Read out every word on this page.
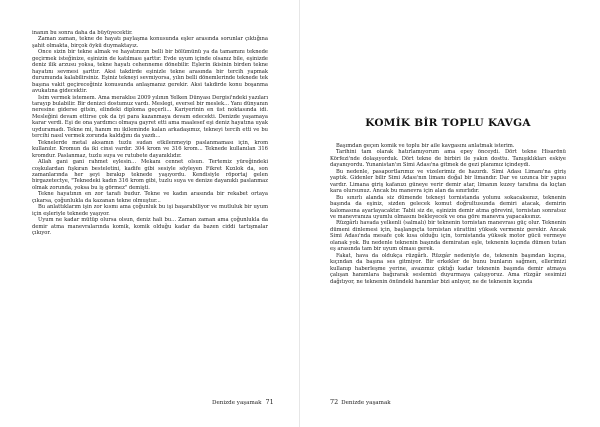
inanın bu sonra daha da büyüyecektir.

Zaman zaman, tekne de hayatı paylaşma konusunda eşler arasında sorunlar çıktığına şahit olmakta, birçok öykü duymaktayız.

Once sizin bir tekne almak ve hayatınızın belli bir bölümünü ya da tamamını teknede geçirmek isteğinize, eşinizin de katılması şarttır. Evde uyum içinde olsanız bile, eşinizde deniz ilik arzusu yoksa, tekne hayatı cehenneme dönebilir. Eşlerin ikisinin birden tekne hayatını sevmesi şarttır. Aksi takdirde eşinizle tekne arasında bir tercih yapmak durumunda kalabilirsiniz. Eşiniz tekneyi sevmiyorsa, yılın belli dönemlerinde teknede tek başına vakit geçireceğiniz konusunda anlaşmanız gerekir. Aksi takdirde konu boşanma avukatına gidecektir.

Isim vermek istemem. Ama meraklısı 2009 yılının Yelken Dünyası Dergisi'ndeki yazıları tarayıp bulabilir. Bir denizci dostumuz vardı. Meslegi, eversel bir meslek... Yanı dünyanın neresine giderse gitsin, elindeki diploma geçerli... Kariyerinin en üst noktasında idi. Mesleğini devam ettirse çok da iyi para kazanmaya devam edecekti. Denizde yaşamaya karar verdi. Eşi de ona yardımcı olmaya gayret etti ama maalesef eşi deniz hayatına uyak uyduramadı. Tekne mi, hanım mı ikileminde kalan arkadaşımız, tekneyi tercih etti ve bu tercihi nasıl vermek zorunda kaldığını da yazdı...

Teknelerde metal aksamın tuzlu sudan etkilenmeyip paslanmaması için, krom kullanılır. Kromun da iki cinsi vardır. 304 krom ve 316 krom... Teknede kullanılan 316 kromdur. Paslanmaz, tuzlu suya ve rutubete dayanıklıdır.

Allah gani gani rahmet eylesin... Mekanı cennet olsun. Tertemiz yüreğindeki coşkulardan fışkıran besteletini, kadife gibi sesiyle söyleyen Fikret Kızılok da, son zamanlarında her şeyi bırakıp teknede yaşıyordu. Kendisiyle röportaj gelen birgazetectye, "Teknedeki kadın 316 krom gibi, tuzlu suya ve denize dayanıklı paslanmaz olmak zorunda, yoksa bu iş görmez" demişti.

Tekne hayatının en zor tarafı budur. Tekne ve kadın arasında bir rekabet ortaya çıkarsa, çoğunlukla da kazanan tekne olmuştur...

Bu anlattıklarım işin zor kısmı ama çoğunluk bu işi başarabiliyor ve mutluluk bir uyum için eşleriyle teknede yaşıyor.

Uyum ne kadar mütüp olursa olsun, deniz hali bu... Zaman zaman ama çoğunlukla da demir atma manevralarında komik, komik olduğu kadar da bazen ciddi tartışmalar çıkıyor.

Denizde yaşamak 71
KOMİK BİR TOPLU KAVGA

Başımdan geçen komik ve toplu bir aile kavgasını anlatmak isterim.

Tarihini tam olarak hatırlamıyorum ama epey önceydi. Dört tekne Hisarönü Körfezi'nde dolaşıyorduk. Dört tekne de birbiri ile yakın dosttu. Tanışıklıkları eskiye dayanıyordu. Yunanistan'ın Simi Adası'na gitmek de gezi planımız içindeydi.

Bu nedenle, pasaportlarımız ve vizelerimiz de hazırdı. Simi Adası Limanı'na giriş yaptık. Gidenler bilir Simi Adası'nın limanı doğal bir limandır. Dar ve uzunca bir yapısı vardır. Limana giriş kafanızı güneye verir demir atar, limanın kuzey tarafına da kıçtan kara olursunuz. Ancak bu manevra için alan da sınırlıdır.

Bu sınırlı alanda siz dümende tekneyi tornistanda yolunu sokacaksınız, teknenin başında da eşiniz, sizden gelecek komut doğrultusunda demiri atacak, demirin kalomasına ayarlayacaktır. Tabii siz de, eşinizin demir atma görevini, tornistan sonratsız ve manevranıza uyumlu olmasını bekleyecek ve ona göre manevra yapacaksınız.

Rüzgârlı havada yelkenli (salmalı) bir teknenin tornistan manevrası güç olur. Teknenin dümeni dinlemesi için, başlangıçta tornistan sürattini yüksek vermeniz gerekir. Ancak Simi Adası'nda mesafe çok kısa olduğu için, tornistanda yüksek motor gücü vermeye olanak yok. Bu nedenle teknenin başında demiratan eşle, teknenin kıçında dümen tutan eş arasında tam bir uyum olması gerek.

Fakat, hava da oldukça rüzgârlı. Rüzgâr nedeniyle de, teknenin başından kıçına, kıçından da başına ses gitmiyor. Bir erkekler de bunu bunların sağmen, ellerimizi kullanıp haberleşme yerine, avazımız çıktığı kadar teknenin başında demir atmaya çalışan hanımlara bağırarak seslemizi duyurmaya çalışıyoruz. Ama rüzgâr sesimizi dağıtıyor, ne teknenin önündeki hanımlar bizi anlıyor, ne de teknenin kıçında

72 Denizde yaşamak
